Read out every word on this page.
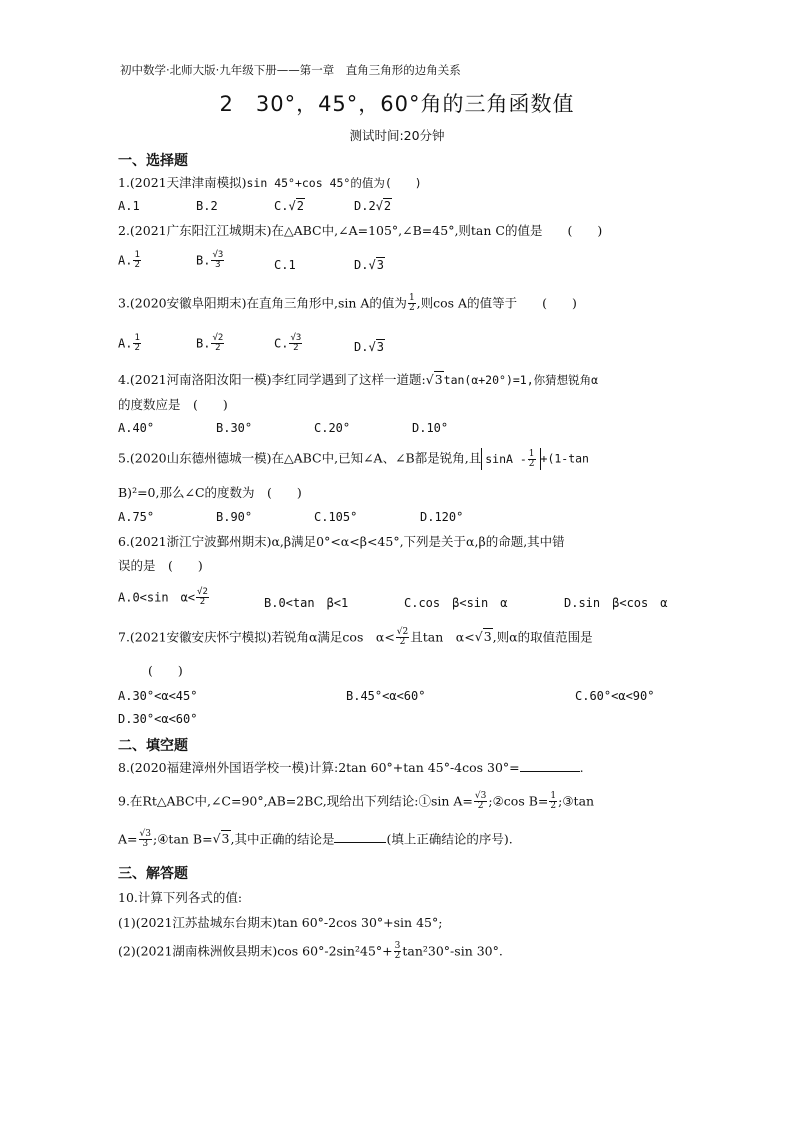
初中数学·北师大版·九年级下册——第一章　直角三角形的边角关系
2　30°，45°，60°角的三角函数值
测试时间:20分钟
一、选择题
1.(2021天津津南模拟)sin 45°+cos 45°的值为(　　)
A.1	B.2	C.√2	D.2√2
2.(2021广东阳江江城期末)在△ABC中,∠A=105°,∠B=45°,则tan C的值是　　(　　)
A. $\frac{1}{2}$	B. $\frac{√3}{3}$	C.1	D.√3
3.(2020安徽阜阳期末)在直角三角形中,sin A的值为 $\frac{1}{2}$ ,则cos A的值等于　　(　　)
A. $\frac{1}{2}$	B. $\frac{√2}{2}$	C. $\frac{√3}{2}$	D.√3
4.(2021河南洛阳汝阳一模)李红同学遇到了这样一道题:√3tan(α+20°)=1,你猜想锐角α
的度数应是　(　　)
A.40°	B.30°	C.20°	D.10°
5.(2020山东德州德城一模)在△ABC中,已知∠A、∠B都是锐角,且 $\sin A - \frac{1}{2} +(1-\tan$
B)²=0,那么∠C的度数为　(　　)
A.75°	B.90°	C.105°	D.120°
6.(2021浙江宁波鄞州期末)α,β满足0°<α<β<45°,下列是关于α,β的命题,其中错
误的是　(　　)
A.0<sin　$\alpha< \frac{√2}{2}$	B.0<tan　β<1	C.cos　β<sin　α	D.sin　β<cos　α
7.(2021安徽安庆怀宁模拟)若锐角α满足cos　$\alpha< \frac{√2}{2}$ 且tan　α<√3,则α的取值范围是
(　　)
A.30°<α<45°	B.45°<α<60°	C.60°<α<90°
D.30°<α<60°
二、填空题
8.(2020福建漳州外国语学校一模)计算:2tan 60°+tan 45°-4cos 30°=	.
9.在Rt△ABC中,∠C=90°,AB=2BC,现给出下列结论:①sin $A= \frac{√3}{2}$ ;②cos $B= \frac{1}{2}$ ;③tan
$A= \frac{√3}{3}$ ;④tan B=√3,其中正确的结论是	(填上正确结论的序号).
三、解答题
10.计算下列各式的值:
(1)(2021江苏盐城东台期末)tan 60°-2cos 30°+sin 45°;
(2)(2021湖南株洲攸县期末)cos $60^\circ-2\sin^245^\circ+ \frac{3}{2} \tan^230^\circ-\sin$ 30°.
